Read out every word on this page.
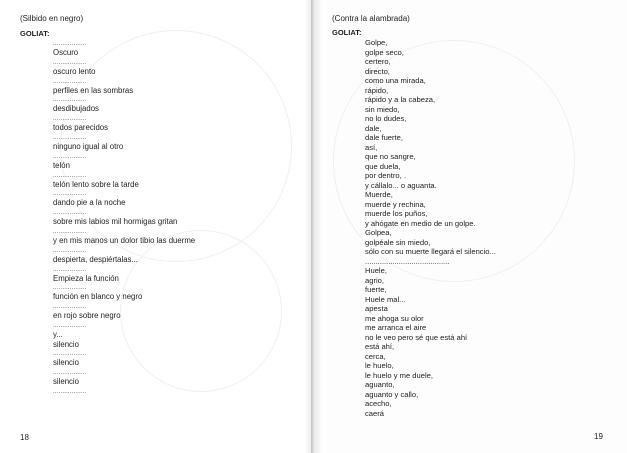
(Silbido en negro)
GOLIAT:
..................
Oscuro
..................
oscuro lento
..................
perfiles en las sombras
..................
desdibujados
..................
todos parecidos
..................
ninguno igual al otro
..................
telón
..................
telón lento sobre la tarde
..................
dando pie a la noche
..................
sobre mis labios mil hormigas gritan
..................
y en mis manos un dolor tibio las duerme
..................
despierta, despiértalas...
..................
Empieza la función
..................
función en blanco y negro
..................
en rojo sobre negro
..................
y...
silencio
..................
silencio
..................
silencio
..................
18
(Contra la alambrada)
GOLIAT:
Golpe,
golpe seco,
certero,
directo,
como una mirada,
rápido,
rápido y a la cabeza,
sin miedo,
no lo dudes,
dale,
dale fuerte,
así,
que no sangre,
que duela,
por dentro, .
y cállalo... o aguanta.
Muerde,
muerde y rechina,
muerde los puños,
y ahógate en medio de un golpe.
Golpea,
golpéale sin miedo,
sólo con su muerte llegará el silencio...
........................................
Huele,
agrio,
fuerte,
Huele mal...
apesta
me ahoga su olor
me arranca el aire
no le veo pero sé que está ahí
está ahí,
cerca,
le huelo,
le huelo y me duele,
aguanto,
aguanto y callo,
acecho,
caerá
19
